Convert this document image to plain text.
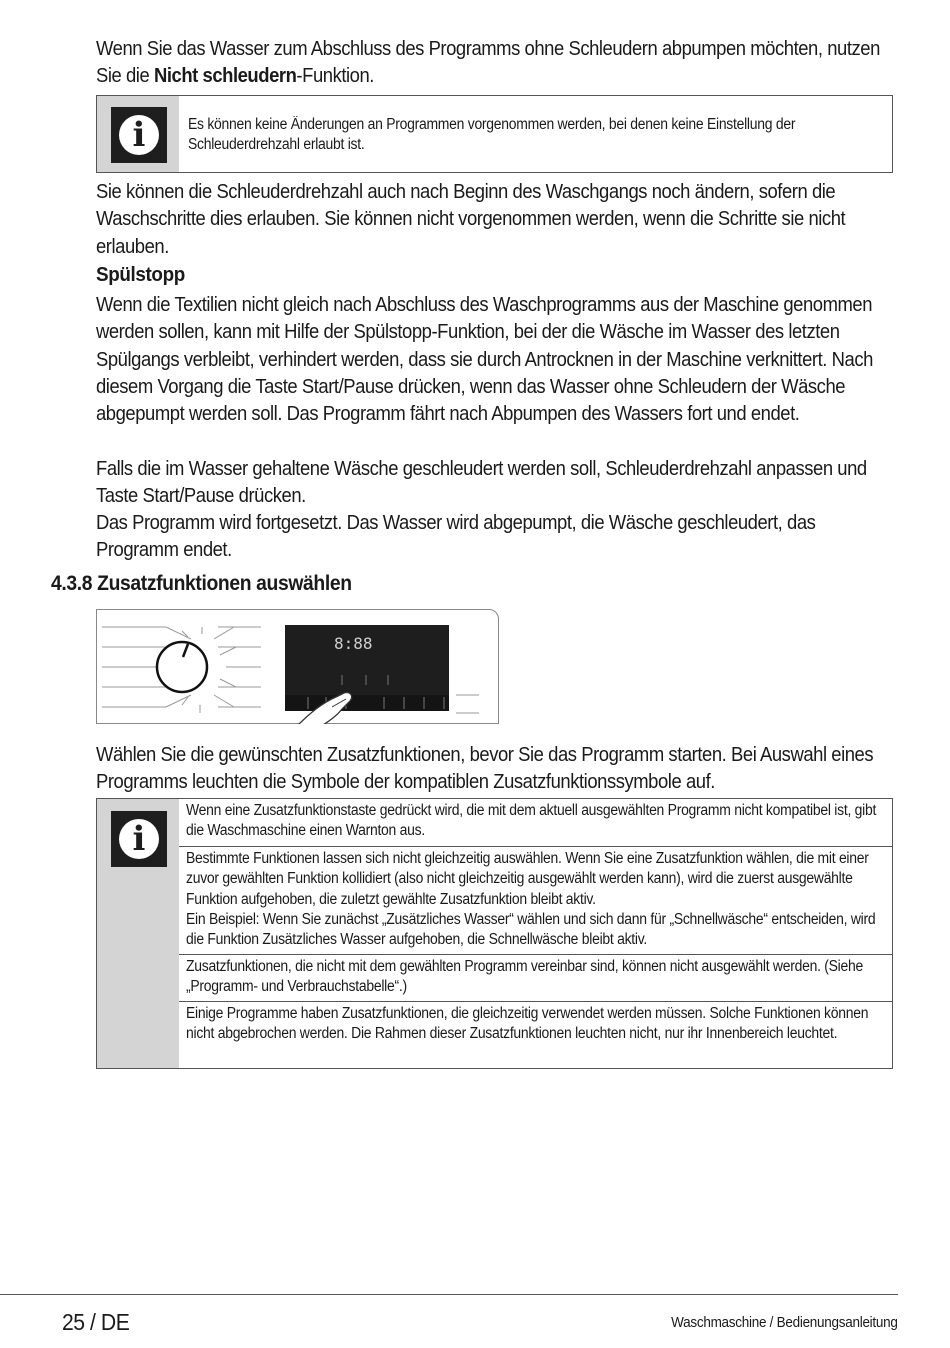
Wenn Sie das Wasser zum Abschluss des Programms ohne Schleudern abpumpen möchten, nutzen Sie die Nicht schleudern-Funktion.
i	Es können keine Änderungen an Programmen vorgenommen werden, bei denen keine Einstellung der Schleuderdrehzahl erlaubt ist.
Sie können die Schleuderdrehzahl auch nach Beginn des Waschgangs noch ändern, sofern die Waschschritte dies erlauben. Sie können nicht vorgenommen werden, wenn die Schritte sie nicht erlauben.
Spülstopp
Wenn die Textilien nicht gleich nach Abschluss des Waschprogramms aus der Maschine genommen werden sollen, kann mit Hilfe der Spülstopp-Funktion, bei der die Wäsche im Wasser des letzten Spülgangs verbleibt, verhindert werden, dass sie durch Antrocknen in der Maschine verknittert. Nach diesem Vorgang die Taste Start/Pause drücken, wenn das Wasser ohne Schleudern der Wäsche abgepumpt werden soll. Das Programm fährt nach Abpumpen des Wassers fort und endet.
Falls die im Wasser gehaltene Wäsche geschleudert werden soll, Schleuderdrehzahl anpassen und Taste Start/Pause drücken.
Das Programm wird fortgesetzt. Das Wasser wird abgepumpt, die Wäsche geschleudert, das Programm endet.
4.3.8 Zusatzfunktionen auswählen
8:88
Wählen Sie die gewünschten Zusatzfunktionen, bevor Sie das Programm starten. Bei Auswahl eines Programms leuchten die Symbole der kompatiblen Zusatzfunktionssymbole auf.
i
Wenn eine Zusatzfunktionstaste gedrückt wird, die mit dem aktuell ausgewählten Programm nicht kompatibel ist, gibt die Waschmaschine einen Warnton aus.
Bestimmte Funktionen lassen sich nicht gleichzeitig auswählen. Wenn Sie eine Zusatzfunktion wählen, die mit einer zuvor gewählten Funktion kollidiert (also nicht gleichzeitig ausgewählt werden kann), wird die zuerst ausgewählte Funktion aufgehoben, die zuletzt gewählte Zusatzfunktion bleibt aktiv.
Ein Beispiel: Wenn Sie zunächst „Zusätzliches Wasser“ wählen und sich dann für „Schnellwäsche“ entscheiden, wird die Funktion Zusätzliches Wasser aufgehoben, die Schnellwäsche bleibt aktiv.
Zusatzfunktionen, die nicht mit dem gewählten Programm vereinbar sind, können nicht ausgewählt werden. (Siehe „Programm- und Verbrauchstabelle“.)
Einige Programme haben Zusatzfunktionen, die gleichzeitig verwendet werden müssen. Solche Funktionen können nicht abgebrochen werden. Die Rahmen dieser Zusatzfunktionen leuchten nicht, nur ihr Innenbereich leuchtet.
25 / DE	Waschmaschine / Bedienungsanleitung
